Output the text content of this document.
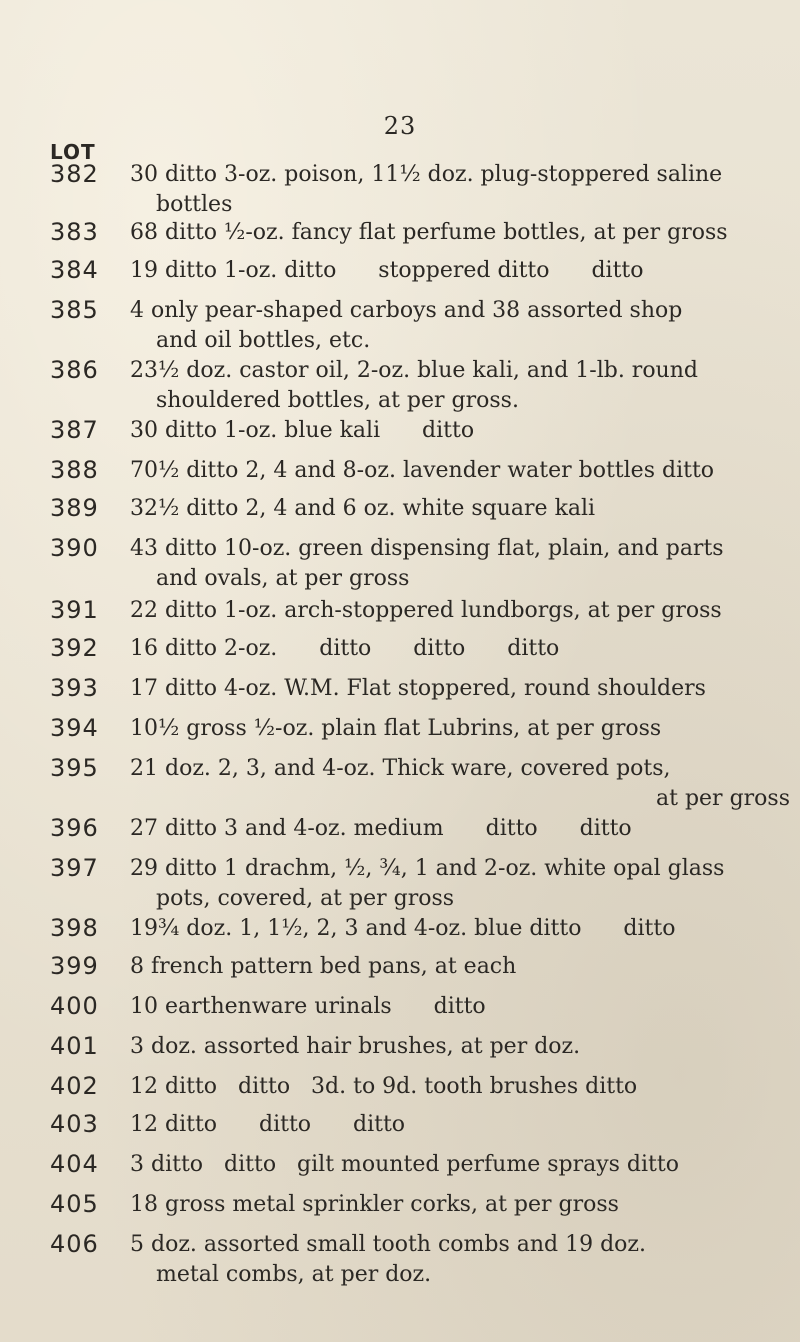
23
LOT
382 30 ditto 3-oz. poison, 11½ doz. plug-stoppered saline
bottles
383 68 ditto ½-oz. fancy flat perfume bottles, at per gross
384 19 ditto 1-oz. ditto      stoppered ditto      ditto
385 4 only pear-shaped carboys and 38 assorted shop
and oil bottles, etc.
386 23½ doz. castor oil, 2-oz. blue kali, and 1-lb. round
shouldered bottles, at per gross.
387 30 ditto 1-oz. blue kali      ditto
388 70½ ditto 2, 4 and 8-oz. lavender water bottles ditto
389 32½ ditto 2, 4 and 6 oz. white square kali
390 43 ditto 10-oz. green dispensing flat, plain, and parts
and ovals, at per gross
391 22 ditto 1-oz. arch-stoppered lundborgs, at per gross
392 16 ditto 2-oz.      ditto      ditto      ditto
393 17 ditto 4-oz. W.M. Flat stoppered, round shoulders
394 10½ gross ½-oz. plain flat Lubrins, at per gross
395 21 doz. 2, 3, and 4-oz. Thick ware, covered pots,
at per gross
396 27 ditto 3 and 4-oz. medium      ditto      ditto
397 29 ditto 1 drachm, ½, ¾, 1 and 2-oz. white opal glass
pots, covered, at per gross
398 19¾ doz. 1, 1½, 2, 3 and 4-oz. blue ditto      ditto
399 8 french pattern bed pans, at each
400 10 earthenware urinals      ditto
401 3 doz. assorted hair brushes, at per doz.
402 12 ditto   ditto   3d. to 9d. tooth brushes ditto
403 12 ditto      ditto      ditto
404 3 ditto   ditto   gilt mounted perfume sprays ditto
405 18 gross metal sprinkler corks, at per gross
406 5 doz. assorted small tooth combs and 19 doz.
metal combs, at per doz.
